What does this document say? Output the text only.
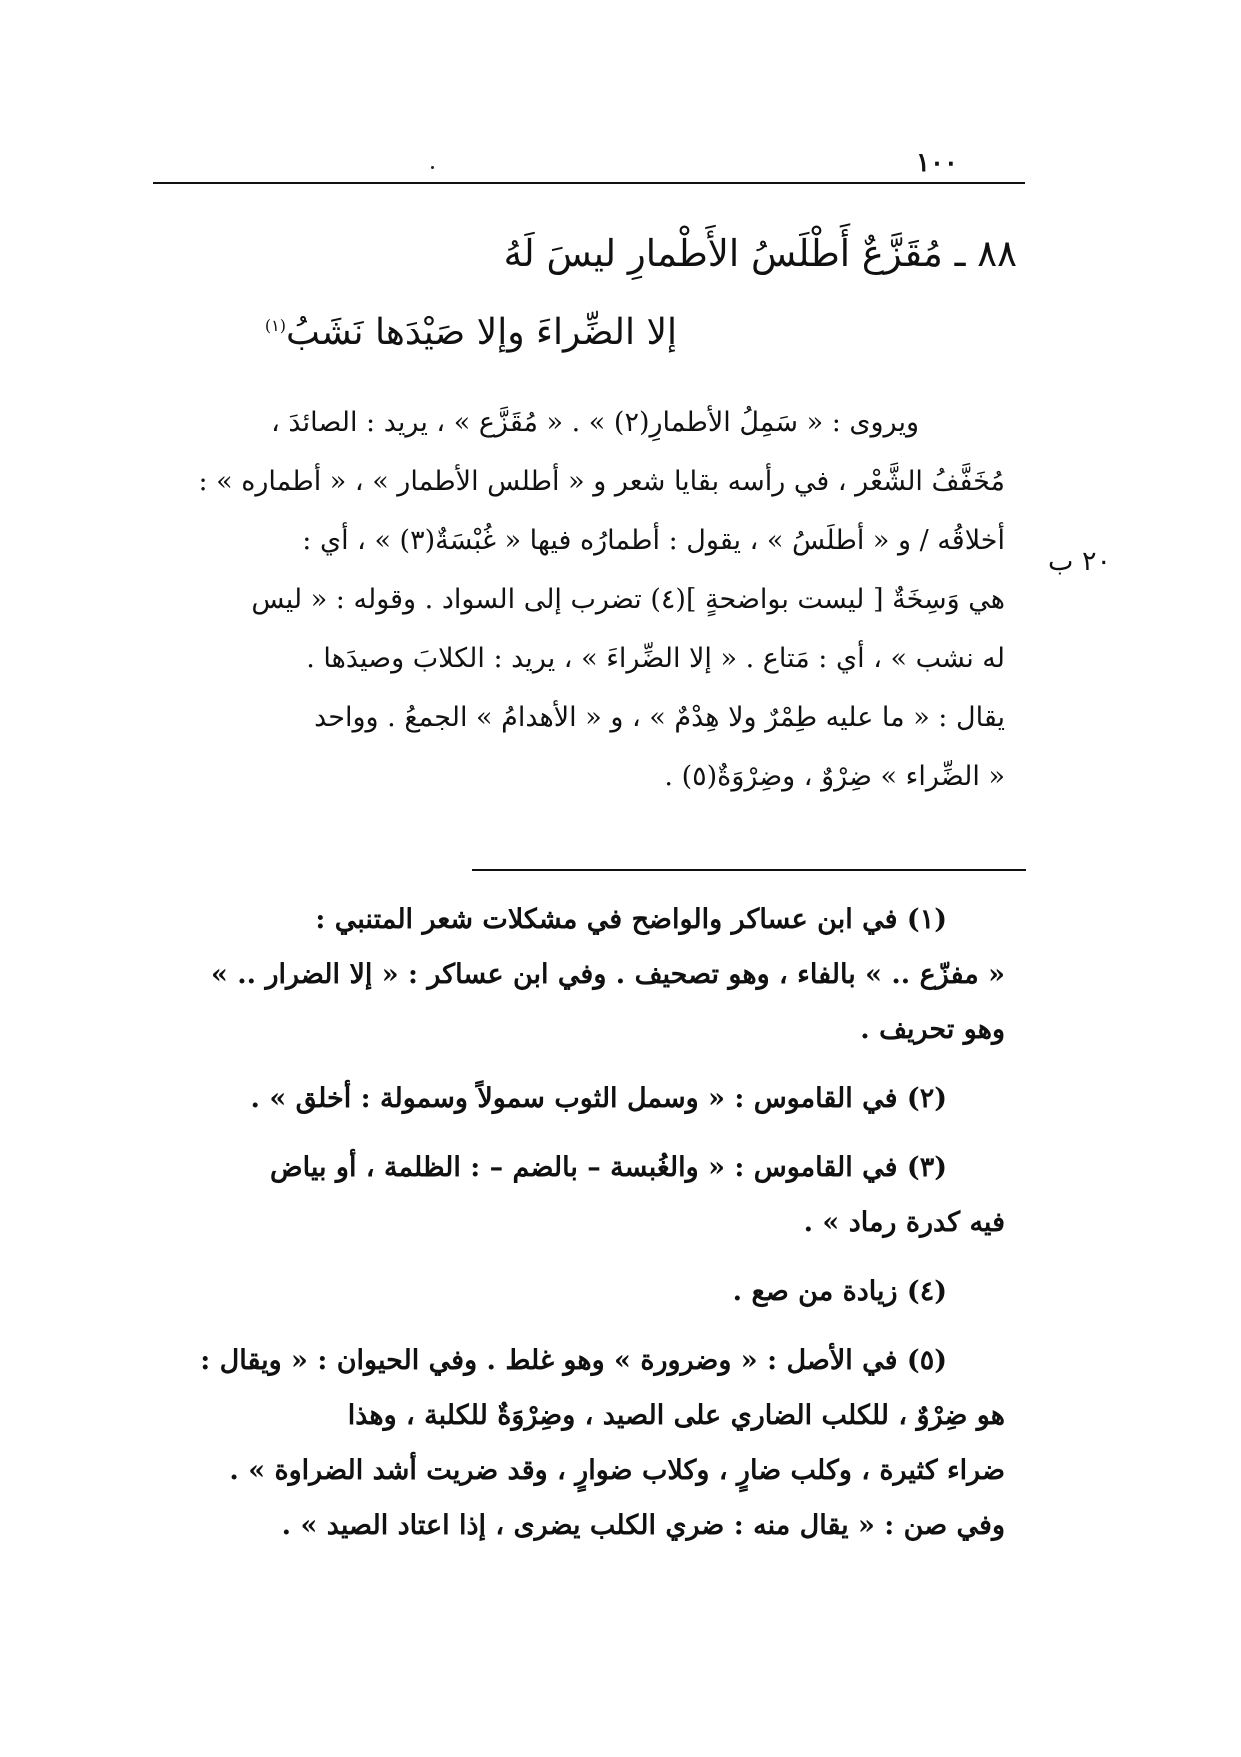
١٠٠
٨٨ ـ مُقَزَّعٌ أَطْلَسُ الأَطْمارِ ليسَ لَهُ
إلا الضِّراءَ وإلا صَيْدَها نَشَبُ$^{(١)}$
٢٠ ب
ويروى : « سَمِلُ الأطمارِ(٢) » . « مُقَزَّع » ، يريد : الصائدَ ،
مُخَفَّفُ الشَّعْر ، في رأسه بقايا شعر و « أطلس الأطمار » ، « أطماره » :
أخلاقُه / و « أطلَسُ » ، يقول : أطمارُه فيها « غُبْسَةٌ(٣) » ، أي :
هي وَسِخَةٌ [ ليست بواضحةٍ ](٤) تضرب إلى السواد . وقوله : « ليس
له نشب » ، أي : مَتاع . « إلا الضِّراءَ » ، يريد : الكلابَ وصيدَها .
يقال : « ما عليه طِمْرٌ ولا هِدْمٌ » ، و « الأهدامُ » الجمعُ . وواحد
« الضِّراء » ضِرْوٌ ، وضِرْوَةٌ(٥) .
(١) في ابن عساكر والواضح في مشكلات شعر المتنبي :
« مفزّع .. » بالفاء ، وهو تصحيف . وفي ابن عساكر : « إلا الضرار .. »
وهو تحريف .
(٢) في القاموس : « وسمل الثوب سمولاً وسمولة : أخلق » .
(٣) في القاموس : « والغُبسة – بالضم – : الظلمة ، أو بياض
فيه كدرة رماد » .
(٤) زيادة من صع .
(٥) في الأصل : « وضرورة » وهو غلط . وفي الحيوان : « ويقال :
هو ضِرْوٌ ، للكلب الضاري على الصيد ، وضِرْوَةٌ للكلبة ، وهذا
ضراء كثيرة ، وكلب ضارٍ ، وكلاب ضوارٍ ، وقد ضريت أشد الضراوة » .
وفي صن : « يقال منه : ضري الكلب يضرى ، إذا اعتاد الصيد » .
